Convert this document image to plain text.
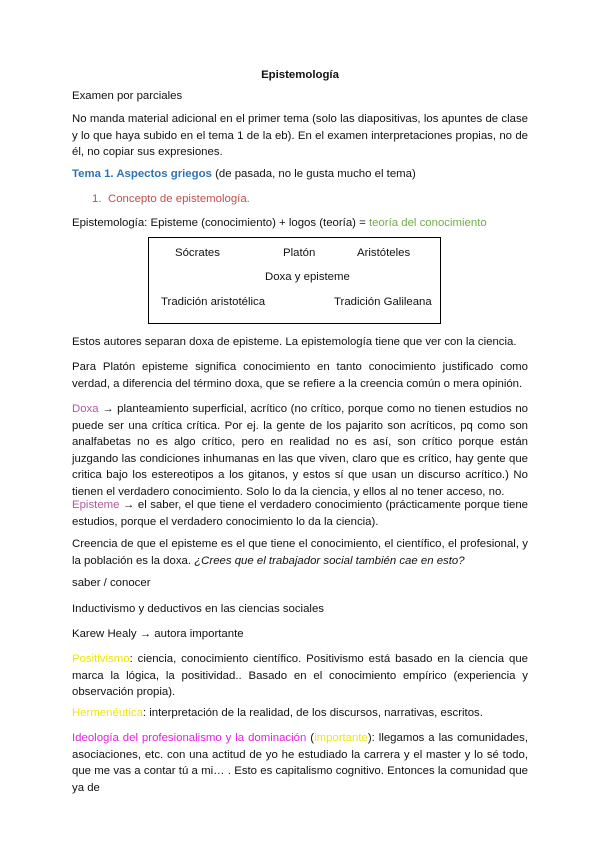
Epistemología

Examen por parciales

No manda material adicional en el primer tema (solo las diapositivas, los apuntes de clase y lo que haya subido en el tema 1 de la eb). En el examen interpretaciones propias, no de él, no copiar sus expresiones.

Tema 1. Aspectos griegos (de pasada, no le gusta mucho el tema)

1. Concepto de epistemología.

Epistemología: Episteme (conocimiento) + logos (teoría) = teoría del conocimiento

Sócrates	Platón	Aristóteles
Doxa y episteme
Tradición aristotélica	Tradición Galileana

Estos autores separan doxa de episteme. La epistemología tiene que ver con la ciencia.

Para Platón episteme significa conocimiento en tanto conocimiento justificado como verdad, a diferencia del término doxa, que se refiere a la creencia común o mera opinión.

Doxa → planteamiento superficial, acrítico (no crítico, porque como no tienen estudios no puede ser una crítica crítica. Por ej. la gente de los pajarito son acríticos, pq como son analfabetas no es algo crítico, pero en realidad no es así, son crítico porque están juzgando las condiciones inhumanas en las que viven, claro que es crítico, hay gente que critica bajo los estereotipos a los gitanos, y estos sí que usan un discurso acrítico.) No tienen el verdadero conocimiento. Solo lo da la ciencia, y ellos al no tener acceso, no.

Episteme → el saber, el que tiene el verdadero conocimiento (prácticamente porque tiene estudios, porque el verdadero conocimiento lo da la ciencia).

Creencia de que el episteme es el que tiene el conocimiento, el científico, el profesional, y la población es la doxa. ¿Crees que el trabajador social también cae en esto?

saber / conocer

Inductivismo y deductivos en las ciencias sociales

Karew Healy → autora importante

Positivismo: ciencia, conocimiento científico. Positivismo está basado en la ciencia que marca la lógica, la positividad.. Basado en el conocimiento empírico (experiencia y observación propia).

Hermenéutica: interpretación de la realidad, de los discursos, narrativas, escritos.

Ideología del profesionalismo y la dominación (importante): llegamos a las comunidades, asociaciones, etc. con una actitud de yo he estudiado la carrera y el master y lo sé todo, que me vas a contar tú a mi… . Esto es capitalismo cognitivo. Entonces la comunidad que ya de
